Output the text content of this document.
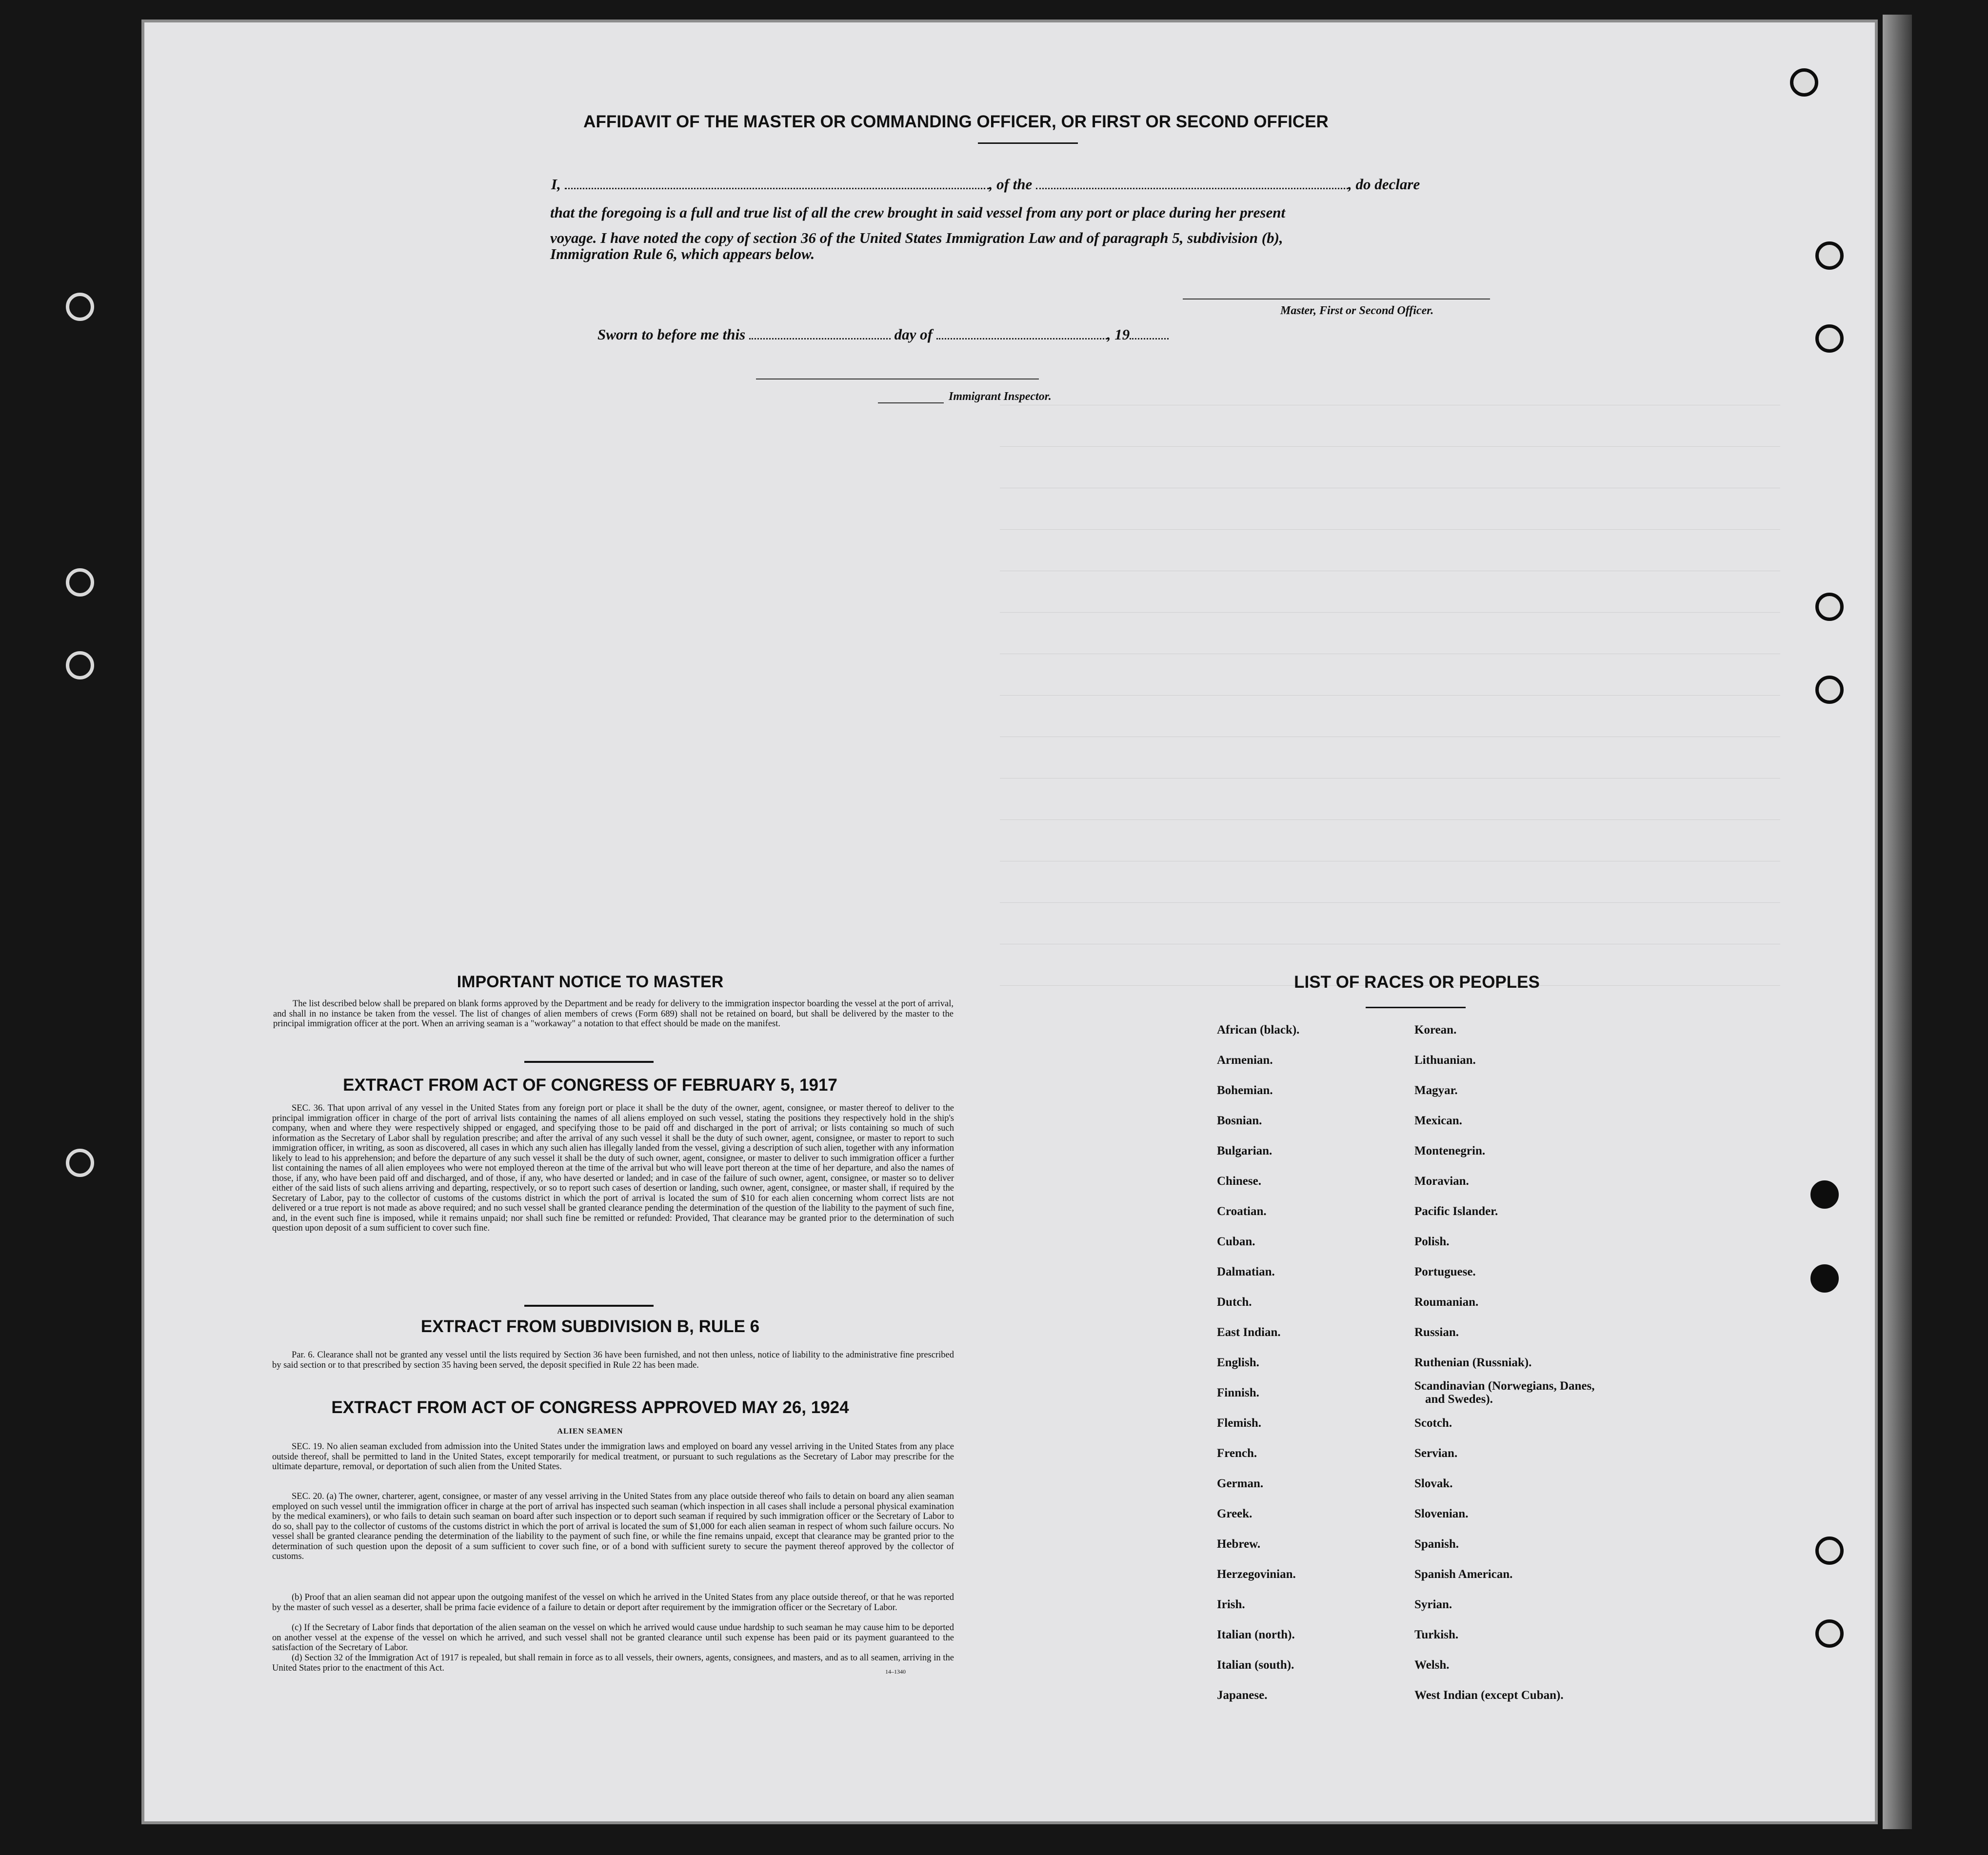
AFFIDAVIT OF THE MASTER OR COMMANDING OFFICER, OR FIRST OR SECOND OFFICER
I,	, of the	, do declare
that the foregoing is a full and true list of all the crew brought in said vessel from any port or place during her present
voyage. I have noted the copy of section 36 of the United States Immigration Law and of paragraph 5, subdivision (b),
Immigration Rule 6, which appears below.
Master, First or Second Officer.
Sworn to before me this	day of	, 19
Immigrant Inspector.
IMPORTANT NOTICE TO MASTER

The list described below shall be prepared on blank forms approved by the Department and be ready for delivery to the immigration inspector boarding the vessel at the port of arrival, and shall in no instance be taken from the vessel. The list of changes of alien members of crews (Form 689) shall not be retained on board, but shall be delivered by the master to the principal immigration officer at the port. When an arriving seaman is a "workaway" a notation to that effect should be made on the manifest.

EXTRACT FROM ACT OF CONGRESS OF FEBRUARY 5, 1917

SEC. 36. That upon arrival of any vessel in the United States from any foreign port or place it shall be the duty of the owner, agent, consignee, or master thereof to deliver to the principal immigration officer in charge of the port of arrival lists containing the names of all aliens employed on such vessel, stating the positions they respectively hold in the ship's company, when and where they were respectively shipped or engaged, and specifying those to be paid off and discharged in the port of arrival; or lists containing so much of such information as the Secretary of Labor shall by regulation prescribe; and after the arrival of any such vessel it shall be the duty of such owner, agent, consignee, or master to report to such immigration officer, in writing, as soon as discovered, all cases in which any such alien has illegally landed from the vessel, giving a description of such alien, together with any information likely to lead to his apprehension; and before the departure of any such vessel it shall be the duty of such owner, agent, consignee, or master to deliver to such immigration officer a further list containing the names of all alien employees who were not employed thereon at the time of the arrival but who will leave port thereon at the time of her departure, and also the names of those, if any, who have been paid off and discharged, and of those, if any, who have deserted or landed; and in case of the failure of such owner, agent, consignee, or master so to deliver either of the said lists of such aliens arriving and departing, respectively, or so to report such cases of desertion or landing, such owner, agent, consignee, or master shall, if required by the Secretary of Labor, pay to the collector of customs of the customs district in which the port of arrival is located the sum of $10 for each alien concerning whom correct lists are not delivered or a true report is not made as above required; and no such vessel shall be granted clearance pending the determination of the question of the liability to the payment of such fine, and, in the event such fine is imposed, while it remains unpaid; nor shall such fine be remitted or refunded: Provided, That clearance may be granted prior to the determination of such question upon deposit of a sum sufficient to cover such fine.

EXTRACT FROM SUBDIVISION B, RULE 6

Par. 6. Clearance shall not be granted any vessel until the lists required by Section 36 have been furnished, and not then unless, notice of liability to the administrative fine prescribed by said section or to that prescribed by section 35 having been served, the deposit specified in Rule 22 has been made.

EXTRACT FROM ACT OF CONGRESS APPROVED MAY 26, 1924
ALIEN SEAMEN

SEC. 19. No alien seaman excluded from admission into the United States under the immigration laws and employed on board any vessel arriving in the United States from any place outside thereof, shall be permitted to land in the United States, except temporarily for medical treatment, or pursuant to such regulations as the Secretary of Labor may prescribe for the ultimate departure, removal, or deportation of such alien from the United States.

SEC. 20. (a) The owner, charterer, agent, consignee, or master of any vessel arriving in the United States from any place outside thereof who fails to detain on board any alien seaman employed on such vessel until the immigration officer in charge at the port of arrival has inspected such seaman (which inspection in all cases shall include a personal physical examination by the medical examiners), or who fails to detain such seaman on board after such inspection or to deport such seaman if required by such immigration officer or the Secretary of Labor to do so, shall pay to the collector of customs of the customs district in which the port of arrival is located the sum of $1,000 for each alien seaman in respect of whom such failure occurs. No vessel shall be granted clearance pending the determination of the liability to the payment of such fine, or while the fine remains unpaid, except that clearance may be granted prior to the determination of such question upon the deposit of a sum sufficient to cover such fine, or of a bond with sufficient surety to secure the payment thereof approved by the collector of customs.

(b) Proof that an alien seaman did not appear upon the outgoing manifest of the vessel on which he arrived in the United States from any place outside thereof, or that he was reported by the master of such vessel as a deserter, shall be prima facie evidence of a failure to detain or deport after requirement by the immigration officer or the Secretary of Labor.

(c) If the Secretary of Labor finds that deportation of the alien seaman on the vessel on which he arrived would cause undue hardship to such seaman he may cause him to be deported on another vessel at the expense of the vessel on which he arrived, and such vessel shall not be granted clearance until such expense has been paid or its payment guaranteed to the satisfaction of the Secretary of Labor.

(d) Section 32 of the Immigration Act of 1917 is repealed, but shall remain in force as to all vessels, their owners, agents, consignees, and masters, and as to all seamen, arriving in the United States prior to the enactment of this Act.	14–1340
LIST OF RACES OR PEOPLES
African (black).
Armenian.
Bohemian.
Bosnian.
Bulgarian.
Chinese.
Croatian.
Cuban.
Dalmatian.
Dutch.
East Indian.
English.
Finnish.
Flemish.
French.
German.
Greek.
Hebrew.
Herzegovinian.
Irish.
Italian (north).
Italian (south).
Japanese.
Korean.
Lithuanian.
Magyar.
Mexican.
Montenegrin.
Moravian.
Pacific Islander.
Polish.
Portuguese.
Roumanian.
Russian.
Ruthenian (Russniak).
Scandinavian (Norwegians, Danes, and Swedes).
Scotch.
Servian.
Slovak.
Slovenian.
Spanish.
Spanish American.
Syrian.
Turkish.
Welsh.
West Indian (except Cuban).
